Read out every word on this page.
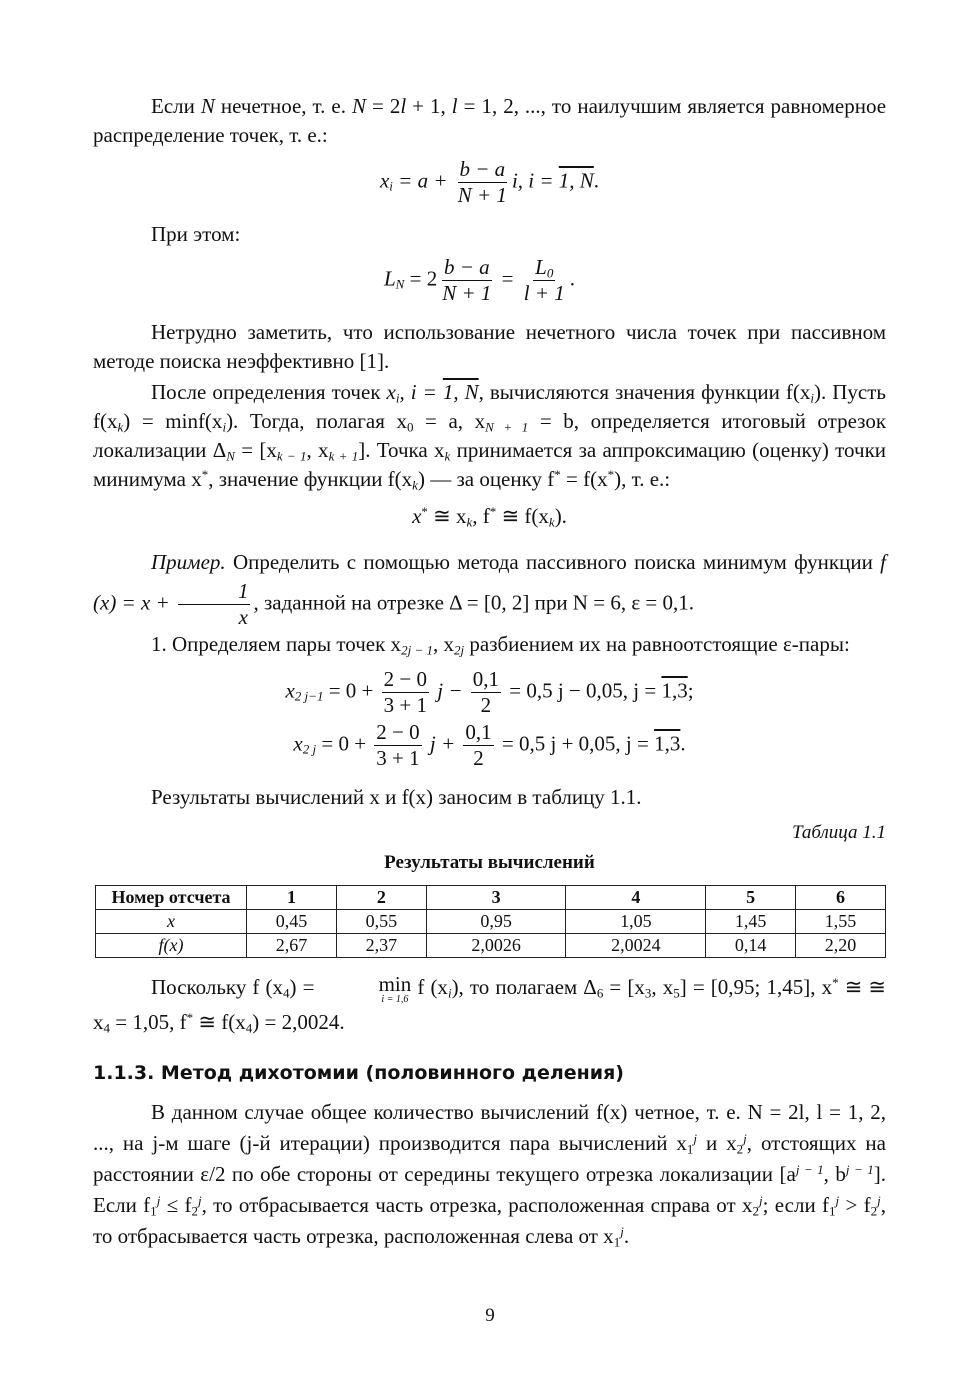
Если N нечетное, т. е. N = 2l + 1, l = 1, 2, ..., то наилучшим является равномерное распределение точек, т. е.:

$x_i = a + \frac{b - a}{N + 1} i$, i = 1, N.

При этом:

$L_N = 2 \frac{b - a}{N + 1} = \frac{L_0}{l + 1}$ .

Нетрудно заметить, что использование нечетного числа точек при пассивном методе поиска неэффективно [1].

После определения точек $x_i$, i = 1, N, вычисляются значения функции $f(x_i)$. Пусть $f(x_k) = \min f(x_i)$. Тогда, полагая $x_0 = a$, $x_{N + 1} = b$, определяется итоговый отрезок локализации $\Delta_N = [x_{k - 1}$, $x_{k + 1}$]. Точка $x_k$ принимается за аппроксимацию (оценку) точки минимума x*, значение функции $f(x_k)$ — за оценку f* = f(x*), т. е.:

x* ≅ $x_k$, f* ≅ $f(x_k)$.

Пример. Определить с помощью метода пассивного поиска минимум функции f $(x) = x + \frac{1}{x}$ , заданной на отрезке Δ = [0, 2] при N = 6, ε = 0,1.

1. Определяем пары точек $x_{2j - 1}$, $x_{2j}$ разбиением их на равноотстоящие ε-пары:

$x_{2 j-1} = 0 + \frac{2 - 0}{3 + 1}$ $j - \frac{0,1}{2} = 0,5$ j − 0,05, j = 1,3;
$x_{2 j} = 0 + \frac{2 - 0}{3 + 1}$ $j + \frac{0,1}{2} = 0,5$ j + 0,05, j = 1,3.

Результаты вычислений x и f(x) заносим в таблицу 1.1.

Таблица 1.1
Результаты вычислений
Номер отсчета	1	2	3	4	5	6
x	0,45	0,55	0,95	1,05	1,45	1,55
f(x)	2,67	2,37	2,0026	2,0024	0,14	2,20

Поскольку f $(x_4)$ =	min
i = 1,6
f $(x_i)$, то полагаем $\Delta_6 = [x_3$, $x_5] = [0,95$; 1,45], x* ≅ ≅ $x_4 = 1,05$, f* ≅ $f(x_4) = 2,0024$.

1.1.3. Метод дихотомии (половинного деления)

В данном случае общее количество вычислений f(x) четное, т. е. N = 2l, l = 1, 2, ..., на j-м шаге (j-й итерации) производится пара вычислений $x_1^j$ и $x_2^j$, отстоящих на расстоянии ε/2 по обе стороны от середины текущего отрезка локализации [$a^{j - 1}$, $b^{j - 1}$]. Если $f_1^j \le f_2^j$, то отбрасывается часть отрезка, расположенная справа от $x_2^j$; если $f_1^j > f_2^j$, то отбрасывается часть отрезка, расположенная слева от $x_1^j$.

9
